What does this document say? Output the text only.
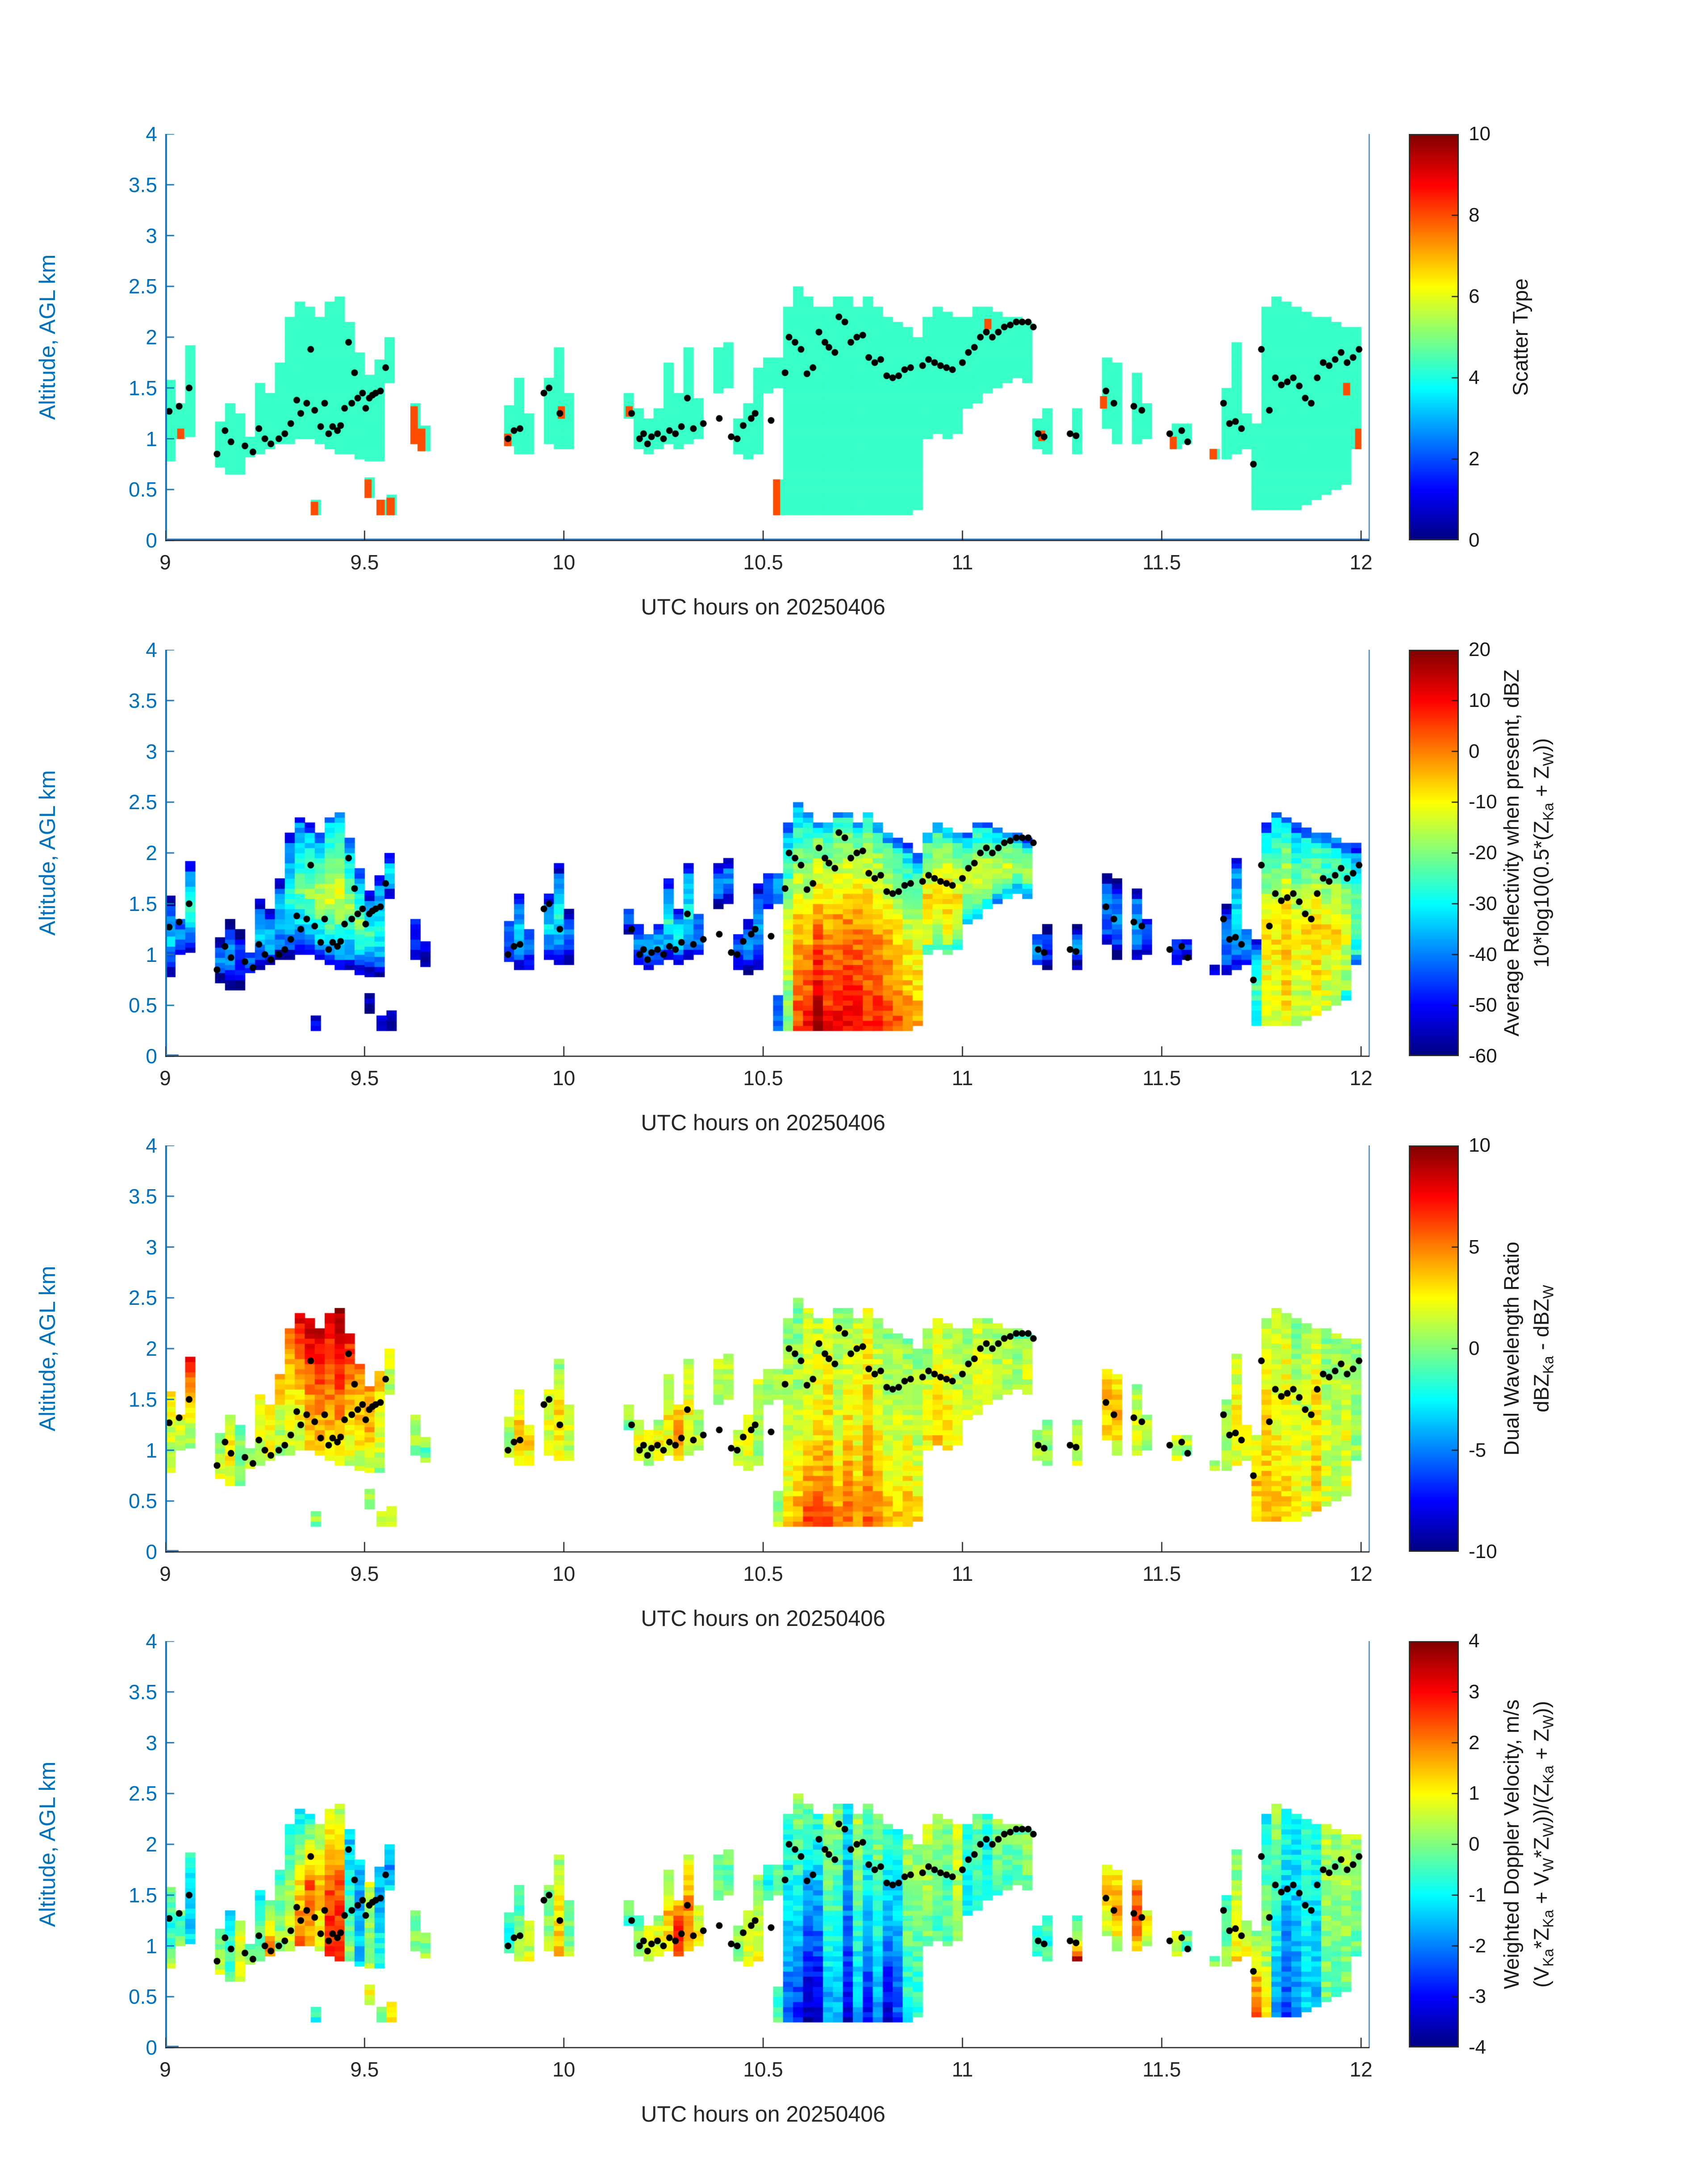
Altitude, AGL km
UTC hours on 20250406
Altitude, AGL km
UTC hours on 20250406
Altitude, AGL km
UTC hours on 20250406
Altitude, AGL km
UTC hours on 20250406
0
0.5
1
1.5
2
2.5
3
3.5
4
9	9.5	10	10.5	11	11.5	12
0
2
4
6
8
10
Scatter Type
0
0.5
1
1.5
2
2.5
3
3.5
4
9	9.5	10	10.5	11	11.5	12
-60
-50
-40
-30
-20
-10
0
10
20
Average Reflectivity when present, dBZ $10*\log 10(0.5*(Z_{Ka} + Z_W))$
0
0.5
1
1.5
2
2.5
3
3.5
4
9	9.5	10	10.5	11	11.5	12
-10
-5
0
5
10
Dual Wavelength Ratio dBZ$_{Ka}$ - dBZ$_W$
0
0.5
1
1.5
2
2.5
3
3.5
4
9	9.5	10	10.5	11	11.5	12
-4
-3
-2
-1
0
1
2
3
4
Weighted Doppler Velocity, m/s $(V_{Ka}*Z_{Ka} + V_W*Z_W))/(Z_{Ka} + Z_W)$)
